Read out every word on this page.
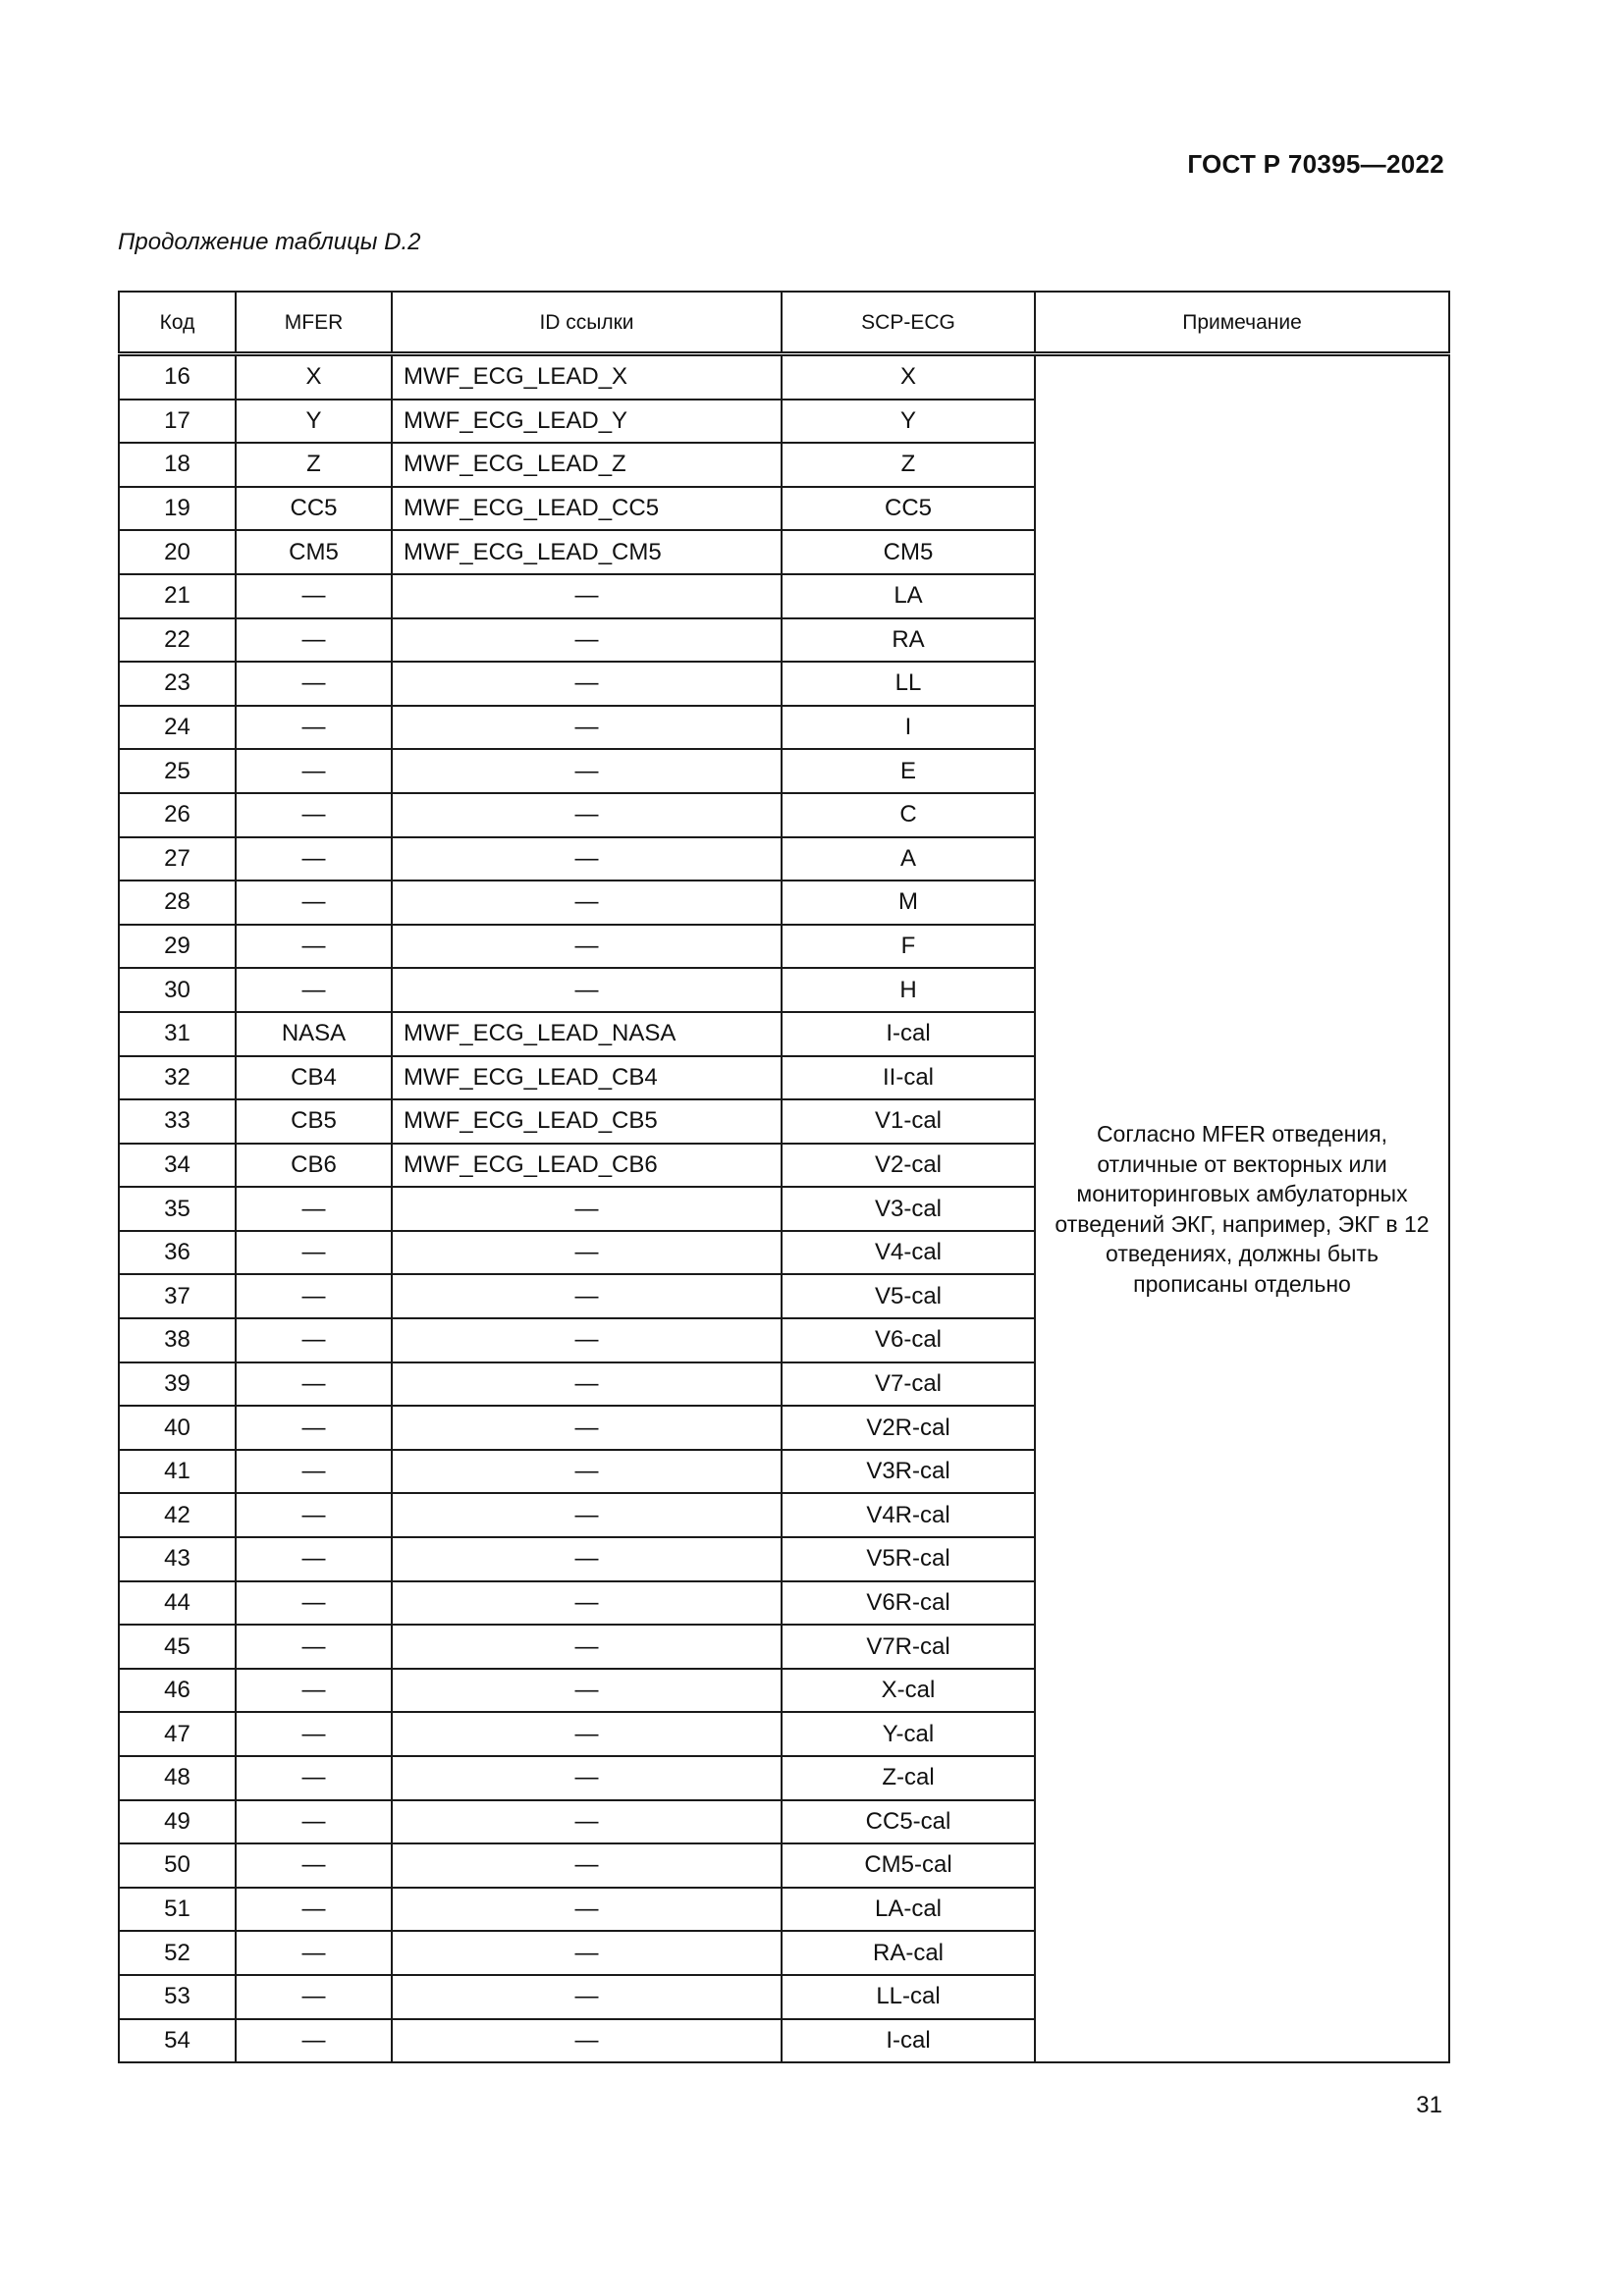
ГОСТ Р 70395—2022
Продолжение таблицы D.2
Код	MFER	ID ссылки	SCP-ECG	Примечание
16	X	MWF_ECG_LEAD_X	X	Согласно MFER отведения, отличные от векторных или мониторинговых амбулаторных отведений ЭКГ, например, ЭКГ в 12 отведениях, должны быть прописаны отдельно
17	Y	MWF_ECG_LEAD_Y	Y	
18	Z	MWF_ECG_LEAD_Z	Z	
19	CC5	MWF_ECG_LEAD_CC5	CC5	
20	CM5	MWF_ECG_LEAD_CM5	CM5	
21	—	—	LA	
22	—	—	RA	
23	—	—	LL	
24	—	—	I	
25	—	—	E	
26	—	—	C	
27	—	—	A	
28	—	—	M	
29	—	—	F	
30	—	—	H	
31	NASA	MWF_ECG_LEAD_NASA	I-cal	
32	CB4	MWF_ECG_LEAD_CB4	II-cal	
33	CB5	MWF_ECG_LEAD_CB5	V1-cal	
34	CB6	MWF_ECG_LEAD_CB6	V2-cal	
35	—	—	V3-cal	
36	—	—	V4-cal	
37	—	—	V5-cal	
38	—	—	V6-cal	
39	—	—	V7-cal	
40	—	—	V2R-cal	
41	—	—	V3R-cal	
42	—	—	V4R-cal	
43	—	—	V5R-cal	
44	—	—	V6R-cal	
45	—	—	V7R-cal	
46	—	—	X-cal	
47	—	—	Y-cal	
48	—	—	Z-cal	
49	—	—	CC5-cal	
50	—	—	CM5-cal	
51	—	—	LA-cal	
52	—	—	RA-cal	
53	—	—	LL-cal	
54	—	—	I-cal	
31
